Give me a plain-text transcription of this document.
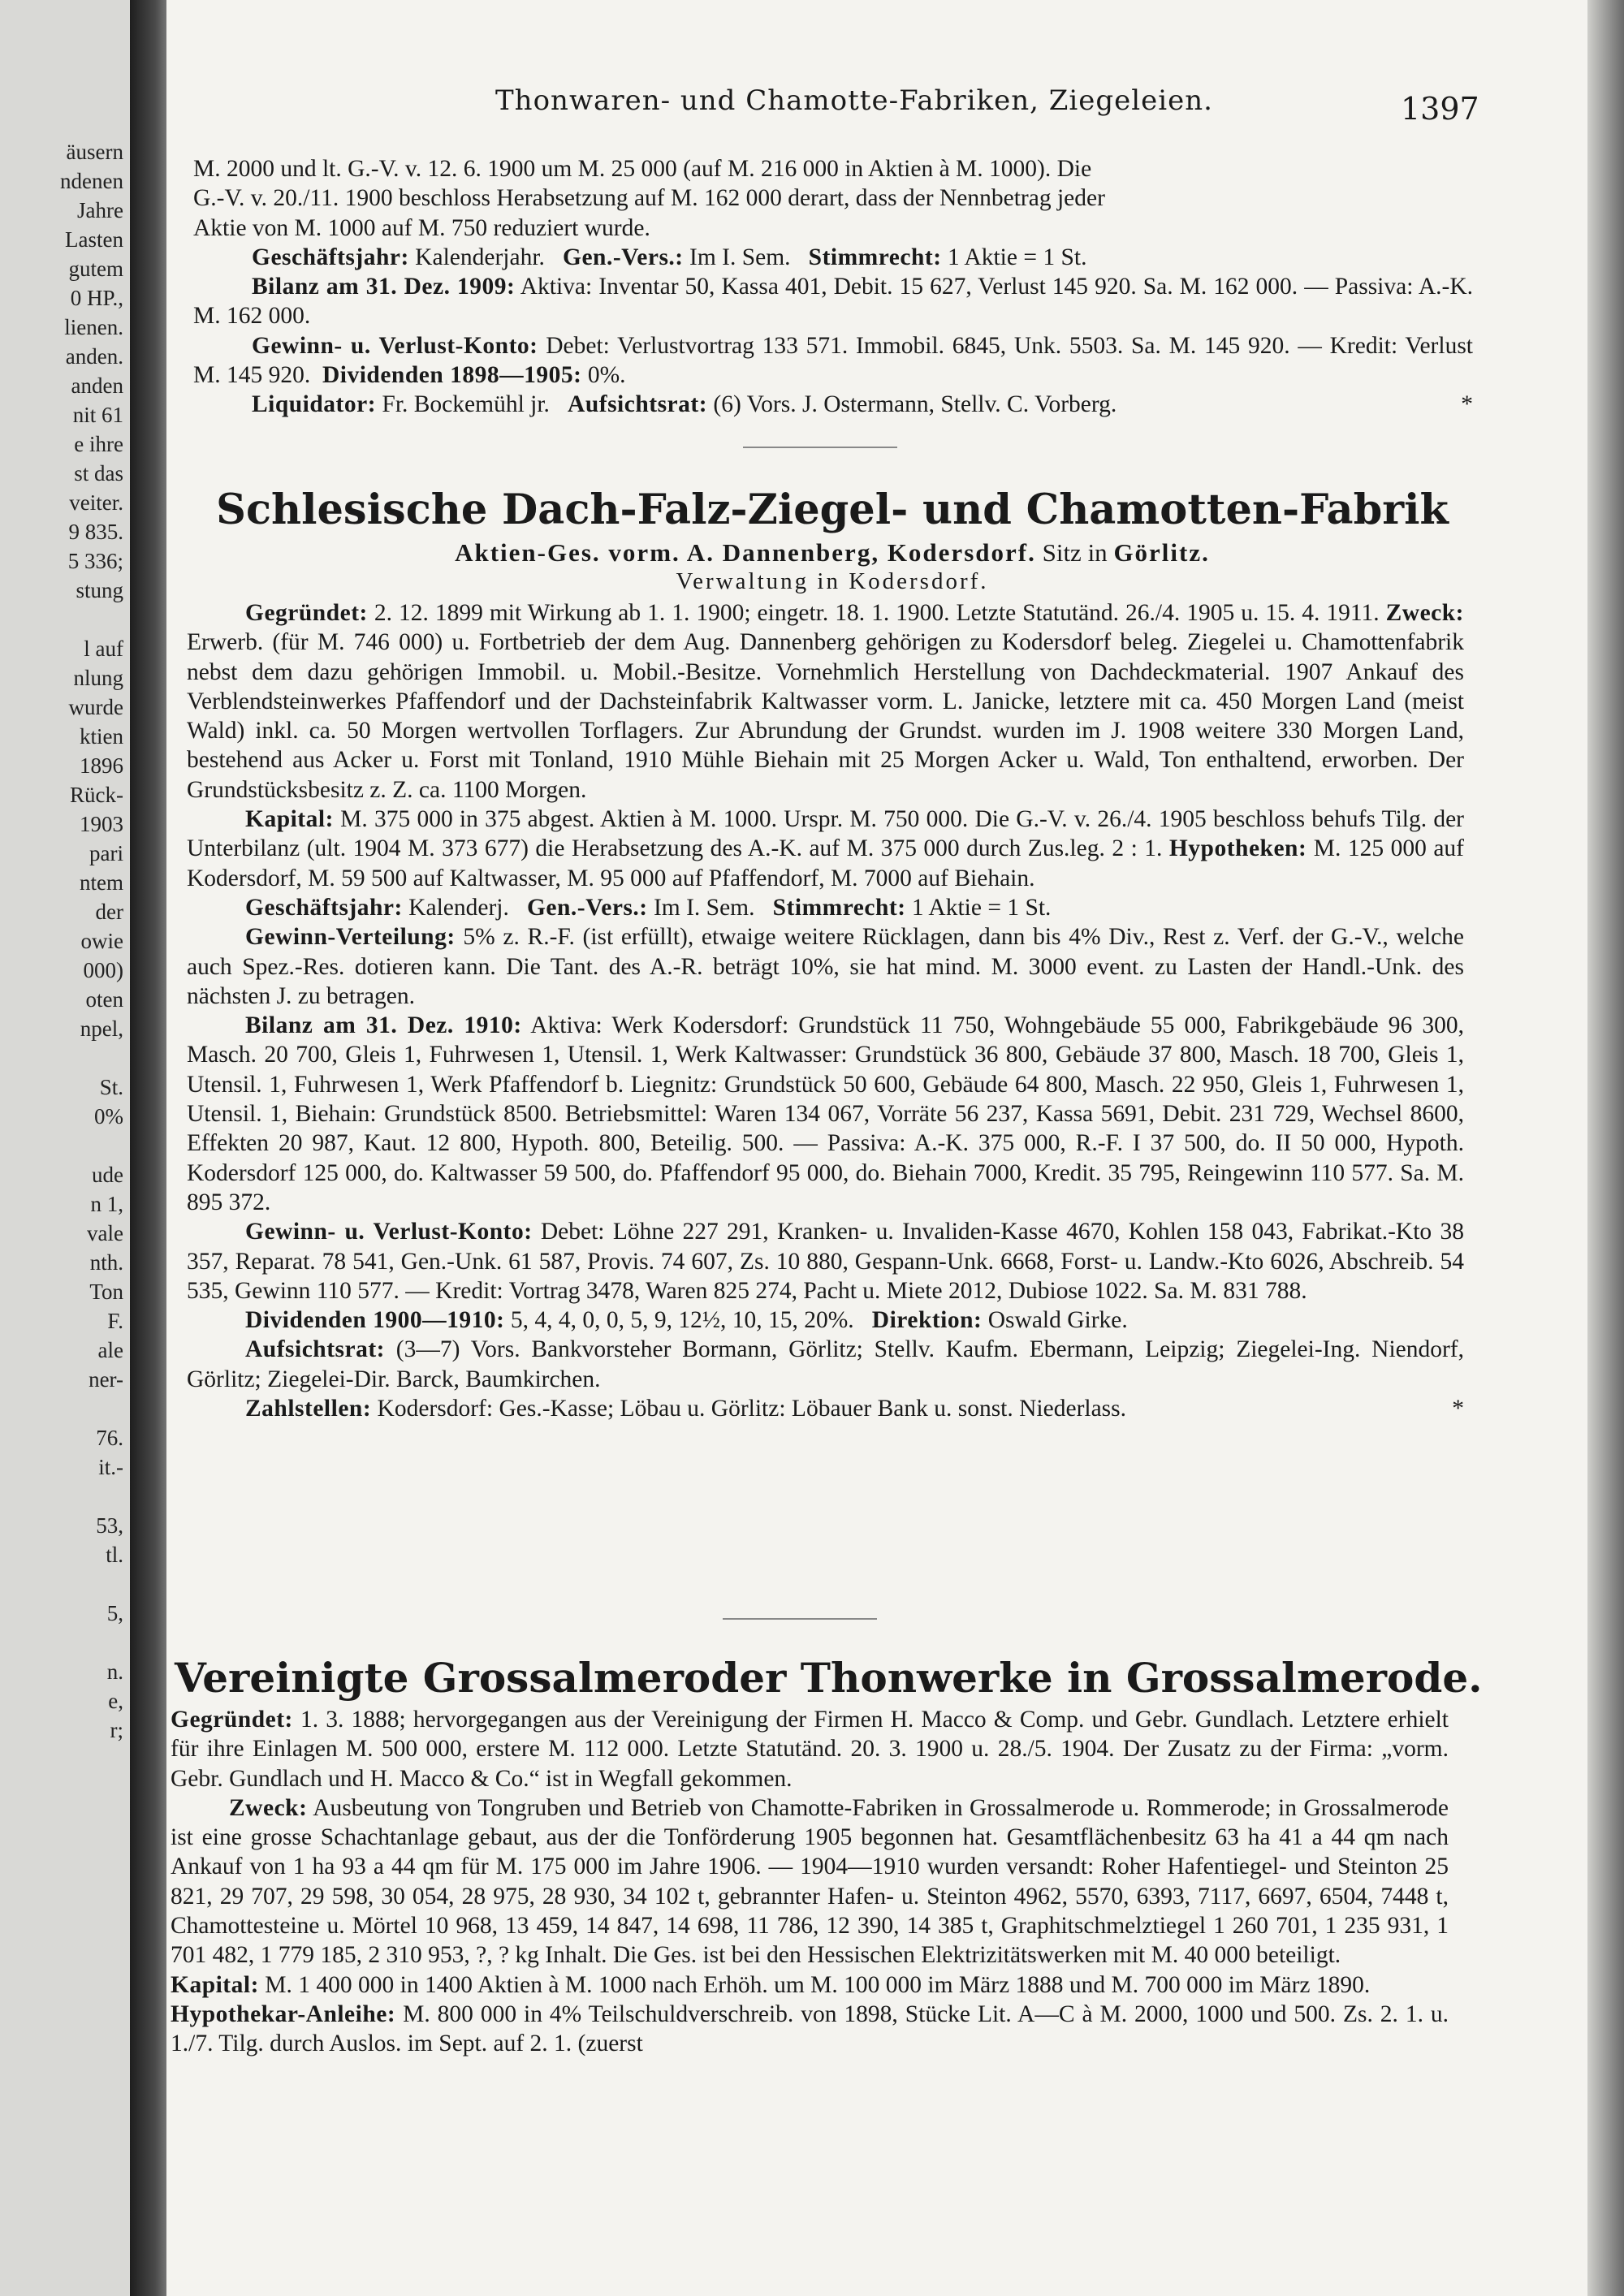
äusern
ndenen
Jahre
Lasten
gutem
0 HP.,
lienen.
anden.
anden
nit 61
e ihre
st das
veiter.
9 835.
5 336;
stung
l auf
nlung
wurde
ktien
1896
Rück-
1903
pari
ntem
der
owie
000)
oten
npel,
St.
0%
ude
n 1,
vale
nth.
Ton
F.
ale
ner-
76.
it.-
53,
tl.
5,
n.
e,
r;
Thonwaren- und Chamotte-Fabriken, Ziegeleien.	1397

M. 2000 und lt. G.-V. v. 12. 6. 1900 um M. 25 000 (auf M. 216 000 in Aktien à M. 1000). Die

G.-V. v. 20./11. 1900 beschloss Herabsetzung auf M. 162 000 derart, dass der Nennbetrag jeder

Aktie von M. 1000 auf M. 750 reduziert wurde.

Geschäftsjahr: Kalenderjahr. Gen.-Vers.: Im I. Sem. Stimmrecht: 1 Aktie = 1 St.

Bilanz am 31. Dez. 1909: Aktiva: Inventar 50, Kassa 401, Debit. 15 627, Verlust 145 920. Sa. M. 162 000. — Passiva: A.-K. M. 162 000.

Gewinn- u. Verlust-Konto: Debet: Verlustvortrag 133 571. Immobil. 6845, Unk. 5503. Sa. M. 145 920. — Kredit: Verlust M. 145 920. Dividenden 1898—1905: 0%.

Liquidator: Fr. Bockemühl jr. Aufsichtsrat: (6) Vors. J. Ostermann, Stellv. C. Vorberg.	*

Schlesische Dach-Falz-Ziegel- und Chamotten-Fabrik
Aktien-Ges. vorm. A. Dannenberg, Kodersdorf. Sitz in Görlitz.
Verwaltung in Kodersdorf.

Gegründet: 2. 12. 1899 mit Wirkung ab 1. 1. 1900; eingetr. 18. 1. 1900. Letzte Statutänd. 26./4. 1905 u. 15. 4. 1911. Zweck: Erwerb. (für M. 746 000) u. Fortbetrieb der dem Aug. Dannenberg gehörigen zu Kodersdorf beleg. Ziegelei u. Chamottenfabrik nebst dem dazu gehörigen Immobil. u. Mobil.-Besitze. Vornehmlich Herstellung von Dachdeckmaterial. 1907 Ankauf des Verblendsteinwerkes Pfaffendorf und der Dachsteinfabrik Kaltwasser vorm. L. Janicke, letztere mit ca. 450 Morgen Land (meist Wald) inkl. ca. 50 Morgen wertvollen Torflagers. Zur Abrundung der Grundst. wurden im J. 1908 weitere 330 Morgen Land, bestehend aus Acker u. Forst mit Tonland, 1910 Mühle Biehain mit 25 Morgen Acker u. Wald, Ton enthaltend, erworben. Der Grundstücksbesitz z. Z. ca. 1100 Morgen.

Kapital: M. 375 000 in 375 abgest. Aktien à M. 1000. Urspr. M. 750 000. Die G.-V. v. 26./4. 1905 beschloss behufs Tilg. der Unterbilanz (ult. 1904 M. 373 677) die Herabsetzung des A.-K. auf M. 375 000 durch Zus.leg. 2 : 1. Hypotheken: M. 125 000 auf Kodersdorf, M. 59 500 auf Kaltwasser, M. 95 000 auf Pfaffendorf, M. 7000 auf Biehain.

Geschäftsjahr: Kalenderj. Gen.-Vers.: Im I. Sem. Stimmrecht: 1 Aktie = 1 St.

Gewinn-Verteilung: 5% z. R.-F. (ist erfüllt), etwaige weitere Rücklagen, dann bis 4% Div., Rest z. Verf. der G.-V., welche auch Spez.-Res. dotieren kann. Die Tant. des A.-R. beträgt 10%, sie hat mind. M. 3000 event. zu Lasten der Handl.-Unk. des nächsten J. zu betragen.

Bilanz am 31. Dez. 1910: Aktiva: Werk Kodersdorf: Grundstück 11 750, Wohngebäude 55 000, Fabrikgebäude 96 300, Masch. 20 700, Gleis 1, Fuhrwesen 1, Utensil. 1, Werk Kaltwasser: Grundstück 36 800, Gebäude 37 800, Masch. 18 700, Gleis 1, Utensil. 1, Fuhrwesen 1, Werk Pfaffendorf b. Liegnitz: Grundstück 50 600, Gebäude 64 800, Masch. 22 950, Gleis 1, Fuhrwesen 1, Utensil. 1, Biehain: Grundstück 8500. Betriebsmittel: Waren 134 067, Vorräte 56 237, Kassa 5691, Debit. 231 729, Wechsel 8600, Effekten 20 987, Kaut. 12 800, Hypoth. 800, Beteilig. 500. — Passiva: A.-K. 375 000, R.-F. I 37 500, do. II 50 000, Hypoth. Kodersdorf 125 000, do. Kaltwasser 59 500, do. Pfaffendorf 95 000, do. Biehain 7000, Kredit. 35 795, Reingewinn 110 577. Sa. M. 895 372.

Gewinn- u. Verlust-Konto: Debet: Löhne 227 291, Kranken- u. Invaliden-Kasse 4670, Kohlen 158 043, Fabrikat.-Kto 38 357, Reparat. 78 541, Gen.-Unk. 61 587, Provis. 74 607, Zs. 10 880, Gespann-Unk. 6668, Forst- u. Landw.-Kto 6026, Abschreib. 54 535, Gewinn 110 577. — Kredit: Vortrag 3478, Waren 825 274, Pacht u. Miete 2012, Dubiose 1022. Sa. M. 831 788.

Dividenden 1900—1910: 5, 4, 4, 0, 0, 5, 9, 12½, 10, 15, 20%. Direktion: Oswald Girke.

Aufsichtsrat: (3—7) Vors. Bankvorsteher Bormann, Görlitz; Stellv. Kaufm. Ebermann, Leipzig; Ziegelei-Ing. Niendorf, Görlitz; Ziegelei-Dir. Barck, Baumkirchen.

Zahlstellen: Kodersdorf: Ges.-Kasse; Löbau u. Görlitz: Löbauer Bank u. sonst. Niederlass.	*

Vereinigte Grossalmeroder Thonwerke in Grossalmerode.

Gegründet: 1. 3. 1888; hervorgegangen aus der Vereinigung der Firmen H. Macco & Comp. und Gebr. Gundlach. Letztere erhielt für ihre Einlagen M. 500 000, erstere M. 112 000. Letzte Statutänd. 20. 3. 1900 u. 28./5. 1904. Der Zusatz zu der Firma: „vorm. Gebr. Gundlach und H. Macco & Co.“ ist in Wegfall gekommen.

Zweck: Ausbeutung von Tongruben und Betrieb von Chamotte-Fabriken in Grossalmerode u. Rommerode; in Grossalmerode ist eine grosse Schachtanlage gebaut, aus der die Tonförderung 1905 begonnen hat. Gesamtflächenbesitz 63 ha 41 a 44 qm nach Ankauf von 1 ha 93 a 44 qm für M. 175 000 im Jahre 1906. — 1904—1910 wurden versandt: Roher Hafentiegel- und Steinton 25 821, 29 707, 29 598, 30 054, 28 975, 28 930, 34 102 t, gebrannter Hafen- u. Steinton 4962, 5570, 6393, 7117, 6697, 6504, 7448 t, Chamottesteine u. Mörtel 10 968, 13 459, 14 847, 14 698, 11 786, 12 390, 14 385 t, Graphitschmelztiegel 1 260 701, 1 235 931, 1 701 482, 1 779 185, 2 310 953, ?, ? kg Inhalt. Die Ges. ist bei den Hessischen Elektrizitätswerken mit M. 40 000 beteiligt.

Kapital: M. 1 400 000 in 1400 Aktien à M. 1000 nach Erhöh. um M. 100 000 im März 1888 und M. 700 000 im März 1890.

Hypothekar-Anleihe: M. 800 000 in 4% Teilschuldverschreib. von 1898, Stücke Lit. A—C à M. 2000, 1000 und 500. Zs. 2. 1. u. 1./7. Tilg. durch Auslos. im Sept. auf 2. 1. (zuerst
